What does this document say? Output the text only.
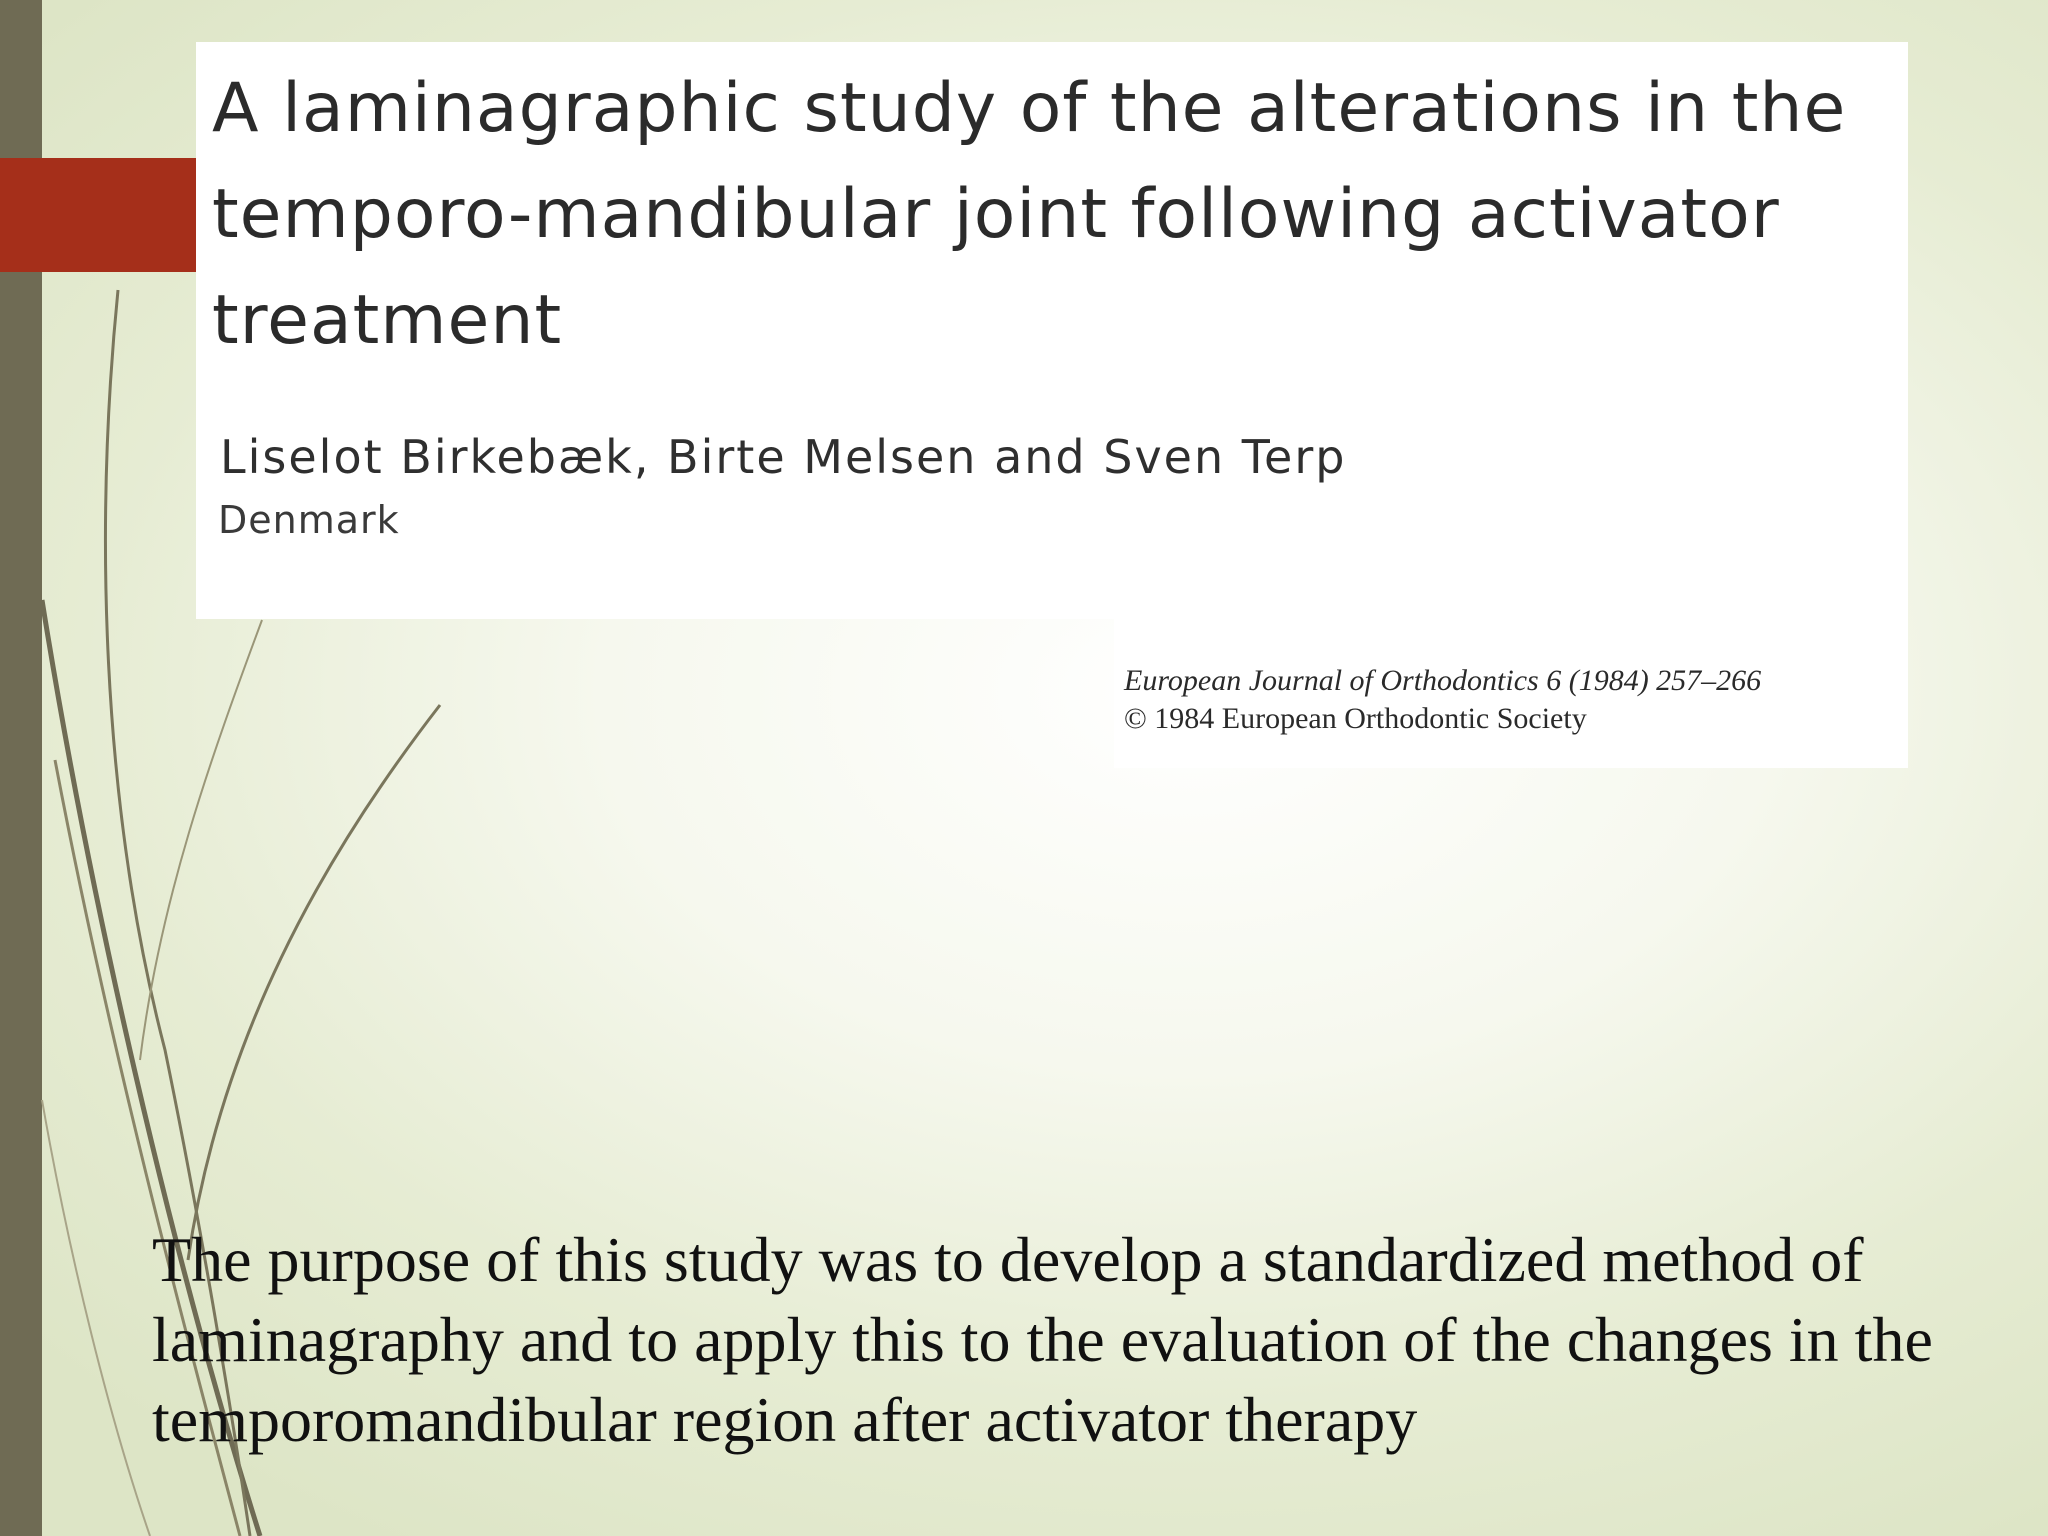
A laminagraphic study of the alterations in the temporo-mandibular joint following activator treatment

Liselot Birkebæk, Birte Melsen and Sven Terp

Denmark

European Journal of Orthodontics 6 (1984) 257–266
© 1984 European Orthodontic Society

The purpose of this study was to develop a standardized method of laminagraphy and to apply this to the evaluation of the changes in the temporomandibular region after activator therapy
